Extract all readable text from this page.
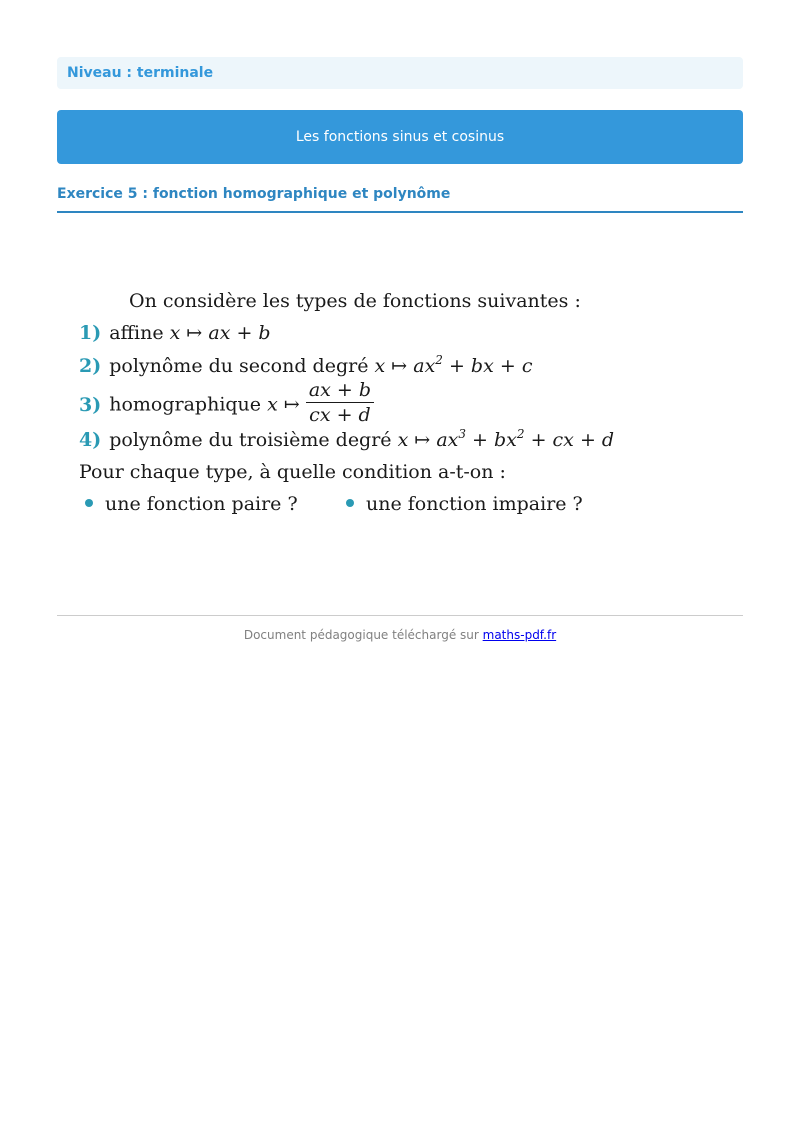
Niveau : terminale
Les fonctions sinus et cosinus
Exercice 5 : fonction homographique et polynôme
On considère les types de fonctions suivantes :
1) affine x ↦ ax + b
2) polynôme du second degré x ↦ $ax^2$ + bx + c
3) homographique x ↦ $\frac{ax + b}{cx + d}$
4) polynôme du troisième degré x ↦ $ax^3 + bx^2$ + cx + d
Pour chaque type, à quelle condition a-t-on :
une fonction paire ?	une fonction impaire ?
Document pédagogique téléchargé sur maths-pdf.fr
